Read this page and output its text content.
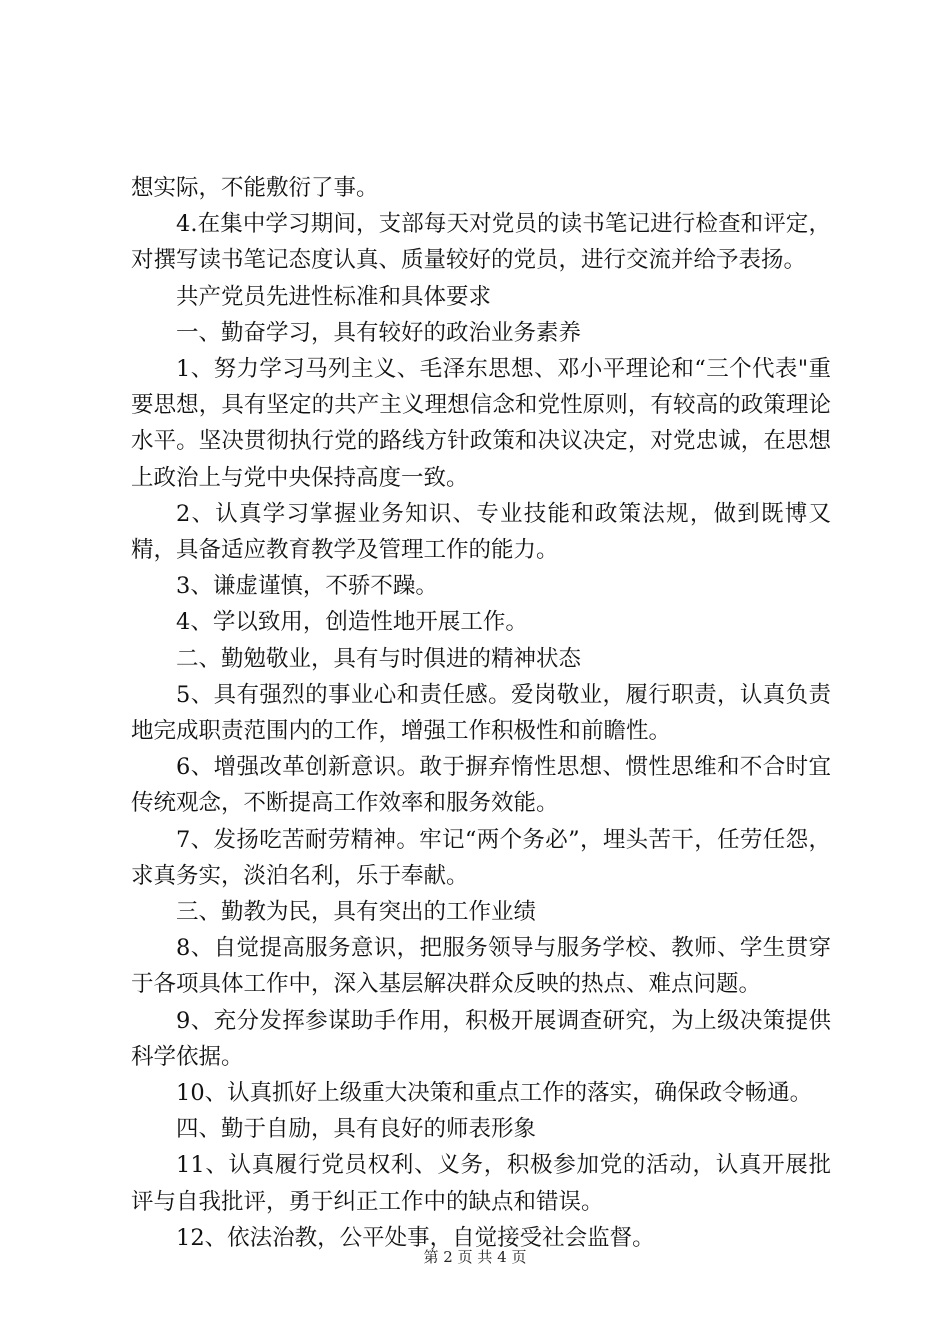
想实际，不能敷衍了事。

4.在集中学习期间，支部每天对党员的读书笔记进行检查和评定，对撰写读书笔记态度认真、质量较好的党员，进行交流并给予表扬。

共产党员先进性标准和具体要求

一、勤奋学习，具有较好的政治业务素养

1、努力学习马列主义、毛泽东思想、邓小平理论和“三个代表"重要思想，具有坚定的共产主义理想信念和党性原则，有较高的政策理论水平。坚决贯彻执行党的路线方针政策和决议决定，对党忠诚，在思想上政治上与党中央保持高度一致。

2、认真学习掌握业务知识、专业技能和政策法规，做到既博又精，具备适应教育教学及管理工作的能力。

3、谦虚谨慎，不骄不躁。

4、学以致用，创造性地开展工作。

二、勤勉敬业，具有与时俱进的精神状态

5、具有强烈的事业心和责任感。爱岗敬业，履行职责，认真负责地完成职责范围内的工作，增强工作积极性和前瞻性。

6、增强改革创新意识。敢于摒弃惰性思想、惯性思维和不合时宜传统观念，不断提高工作效率和服务效能。

7、发扬吃苦耐劳精神。牢记“两个务必”，埋头苦干，任劳任怨，求真务实，淡泊名利，乐于奉献。

三、勤教为民，具有突出的工作业绩

8、自觉提高服务意识，把服务领导与服务学校、教师、学生贯穿于各项具体工作中，深入基层解决群众反映的热点、难点问题。

9、充分发挥参谋助手作用，积极开展调查研究，为上级决策提供科学依据。

10、认真抓好上级重大决策和重点工作的落实，确保政令畅通。

四、勤于自励，具有良好的师表形象

11、认真履行党员权利、义务，积极参加党的活动，认真开展批评与自我批评，勇于纠正工作中的缺点和错误。

12、依法治教，公平处事，自觉接受社会监督。

第 2 页 共 4 页
